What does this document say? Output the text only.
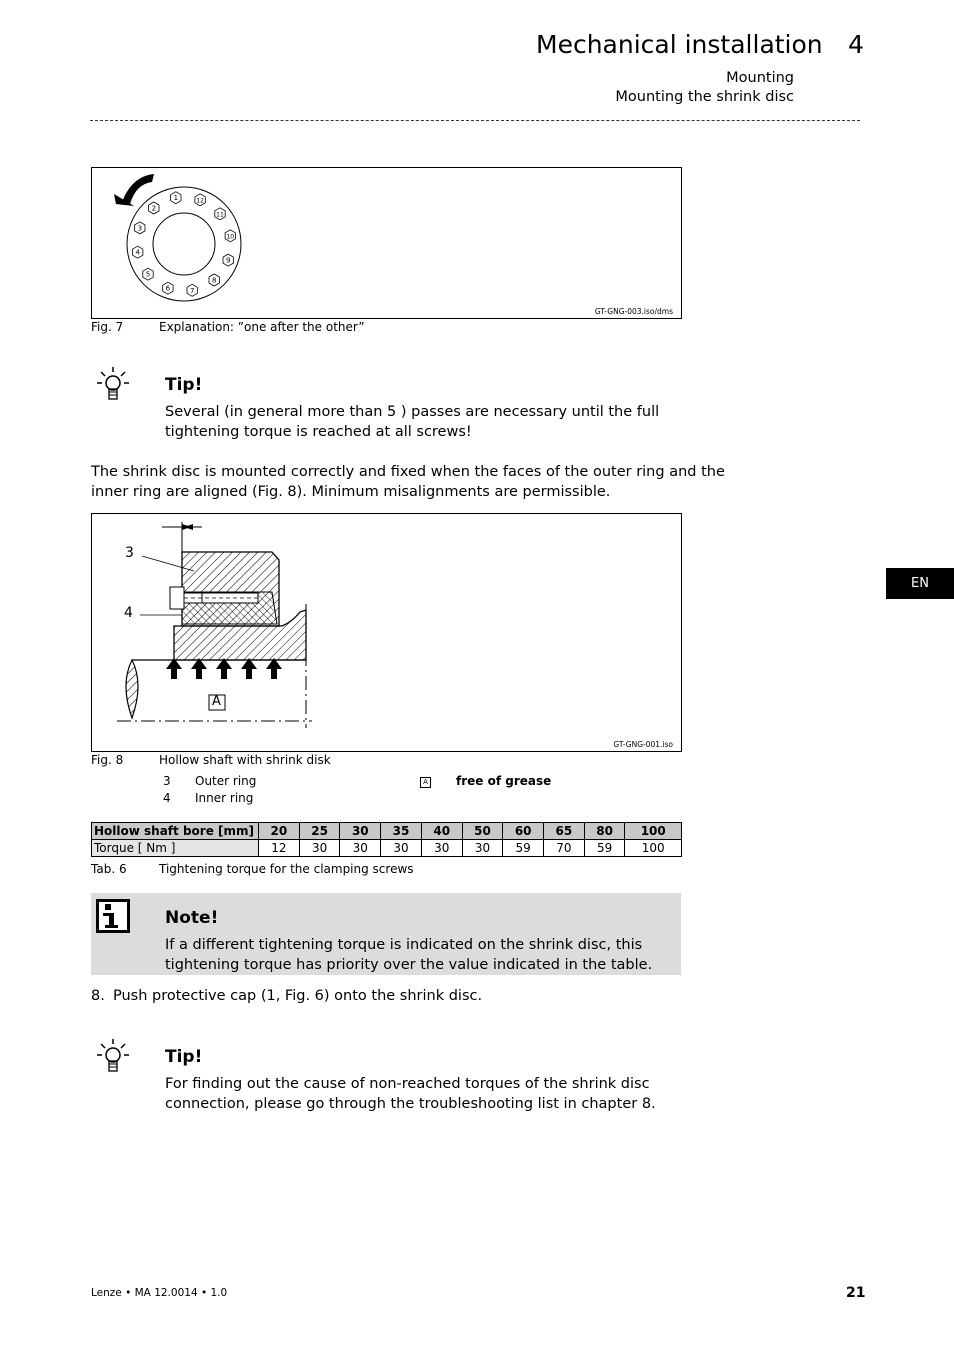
Mechanical installation 4
Mounting
Mounting the shrink disc
1	12
11
10
9
8
7
6
5
4
3
2
GT-GNG-003.iso/dms
Fig. 7	Explanation: ”one after the other”
Tip!
Several (in general more than 5 ) passes are necessary until the full
tightening torque is reached at all screws!
The shrink disc is mounted correctly and fixed when the faces of the outer ring and the
inner ring are aligned (Fig. 8). Minimum misalignments are permissible.
3
4
A
GT-GNG-001.iso
Fig. 8	Hollow shaft with shrink disk
3 Outer ring
4 Inner ring
A free of grease
Hollow shaft bore [mm]	20	25	30	35	40	50	60	65	80	100
Torque [ Nm ]	12	30	30	30	30	30	59	70	59	100
Tab. 6	Tightening torque for the clamping screws
Note!
If a different tightening torque is indicated on the shrink disc, this
tightening torque has priority over the value indicated in the table.
8. Push protective cap (1, Fig. 6) onto the shrink disc.
Tip!
For finding out the cause of non-reached torques of the shrink disc
connection, please go through the troubleshooting list in chapter 8.
EN
Lenze • MA 12.0014 • 1.0	21
